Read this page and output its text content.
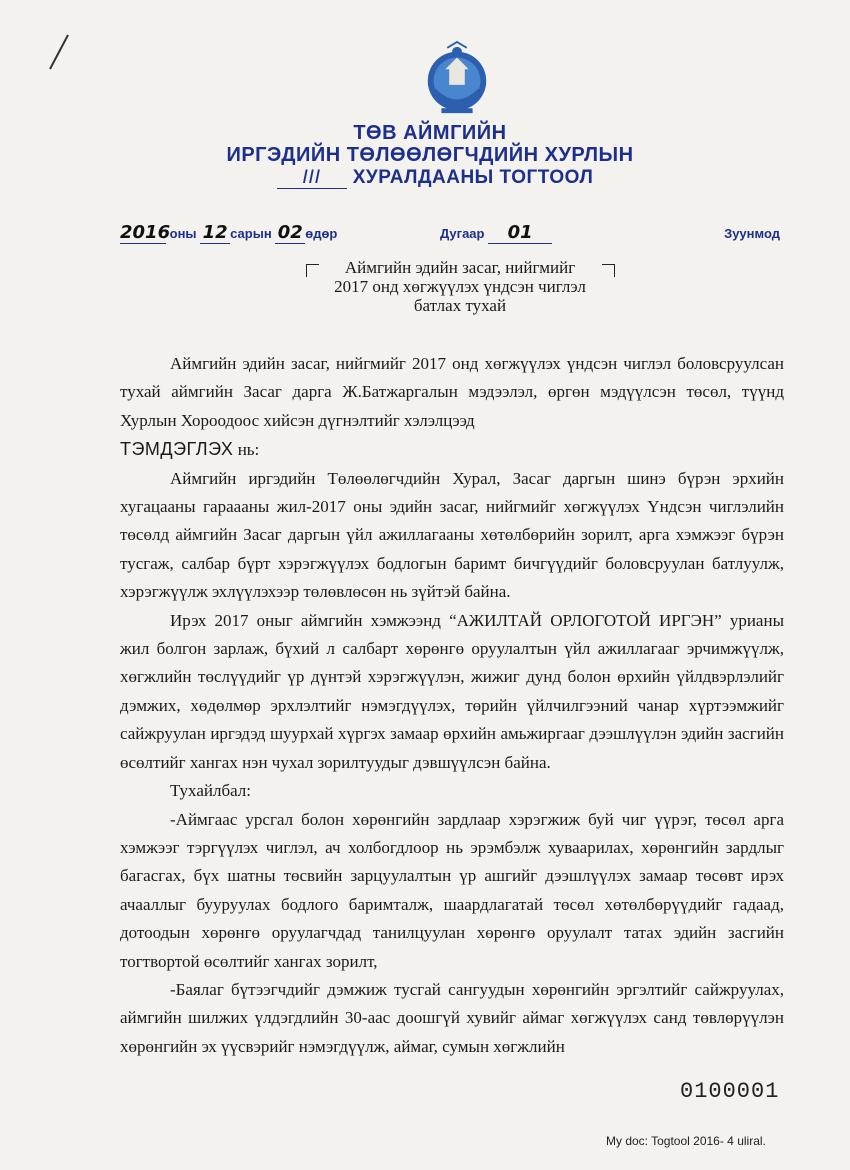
ТӨВ АЙМГИЙН
ИРГЭДИЙН ТӨЛӨӨЛӨГЧДИЙН ХУРЛЫН
III ХУРАЛДААНЫ ТОГТООЛ
2016 оны 12 сарын 02 өдөр	Дугаар 01	Зуунмод
Аймгийн эдийн засаг, нийгмийг
2017 онд хөгжүүлэх үндсэн чиглэл
батлах тухай

Аймгийн эдийн засаг, нийгмийг 2017 онд хөгжүүлэх үндсэн чиглэл боловсруулсан тухай аймгийн Засаг дарга Ж.Батжаргалын мэдээлэл, өргөн мэдүүлсэн төсөл, түүнд Хурлын Хороодоос хийсэн дүгнэлтийг хэлэлцээд
ТЭМДЭГЛЭХ нь:

Аймгийн иргэдийн Төлөөлөгчдийн Хурал, Засаг даргын шинэ бүрэн эрхийн хугацааны гараааны жил-2017 оны эдийн засаг, нийгмийг хөгжүүлэх Үндсэн чиглэлийн төсөлд аймгийн Засаг даргын үйл ажиллагааны хөтөлбөрийн зорилт, арга хэмжээг бүрэн тусгаж, салбар бүрт хэрэгжүүлэх бодлогын баримт бичгүүдийг боловсруулан батлуулж, хэрэгжүүлж эхлүүлэхээр төлөвлөсөн нь зүйтэй байна.

Ирэх 2017 оныг аймгийн хэмжээнд “АЖИЛТАЙ ОРЛОГОТОЙ ИРГЭН” урианы жил болгон зарлаж, бүхий л салбарт хөрөнгө оруулалтын үйл ажиллагааг эрчимжүүлж, хөгжлийн төслүүдийг үр дүнтэй хэрэгжүүлэн, жижиг дунд болон өрхийн үйлдвэрлэлийг дэмжих, хөдөлмөр эрхлэлтийг нэмэгдүүлэх, төрийн үйлчилгээний чанар хүртээмжийг сайжруулан иргэдэд шуурхай хүргэх замаар өрхийн амьжиргааг дээшлүүлэн эдийн засгийн өсөлтийг хангах нэн чухал зорилтуудыг дэвшүүлсэн байна.

Тухайлбал:

-Аймгаас урсгал болон хөрөнгийн зардлаар хэрэгжиж буй чиг үүрэг, төсөл арга хэмжээг тэргүүлэх чиглэл, ач холбогдлоор нь эрэмбэлж хуваарилах, хөрөнгийн зардлыг багасгах, бүх шатны төсвийн зарцуулалтын үр ашгийг дээшлүүлэх замаар төсөвт ирэх ачааллыг бууруулах бодлого баримталж, шаардлагатай төсөл хөтөлбөрүүдийг гадаад, дотоодын хөрөнгө оруулагчдад танилцуулан хөрөнгө оруулалт татах эдийн засгийн тогтвортой өсөлтийг хангах зорилт,

-Баялаг бүтээгчдийг дэмжиж тусгай сангуудын хөрөнгийн эргэлтийг сайжруулах, аймгийн шилжих үлдэгдлийн 30-аас доошгүй хувийг аймаг хөгжүүлэх санд төвлөрүүлэн хөрөнгийн эх үүсвэрийг нэмэгдүүлж, аймаг, сумын хөгжлийн

0100001
My doc: Togtool 2016- 4 uliral.
